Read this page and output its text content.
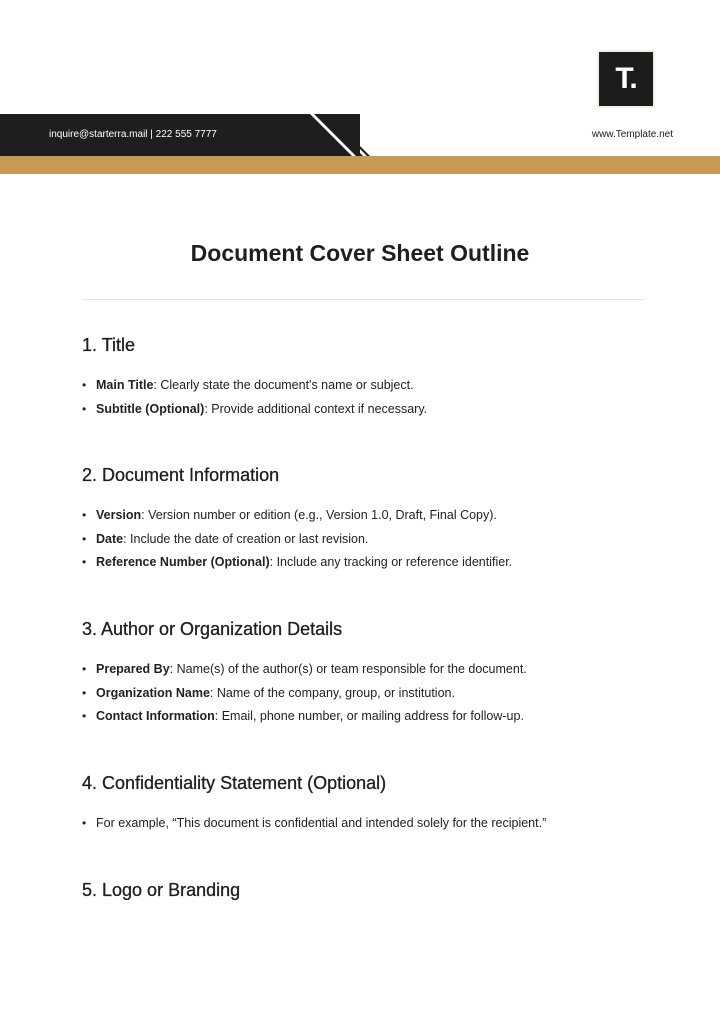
T.
inquire@starterra.mail | 222 555 7777	www.Template.net
Document Cover Sheet Outline
1. Title
•Main Title: Clearly state the document's name or subject.
•Subtitle (Optional): Provide additional context if necessary.
2. Document Information
•Version: Version number or edition (e.g., Version 1.0, Draft, Final Copy).
•Date: Include the date of creation or last revision.
•Reference Number (Optional): Include any tracking or reference identifier.
3. Author or Organization Details
•Prepared By: Name(s) of the author(s) or team responsible for the document.
•Organization Name: Name of the company, group, or institution.
•Contact Information: Email, phone number, or mailing address for follow-up.
4. Confidentiality Statement (Optional)
•For example, “This document is confidential and intended solely for the recipient.”
5. Logo or Branding
